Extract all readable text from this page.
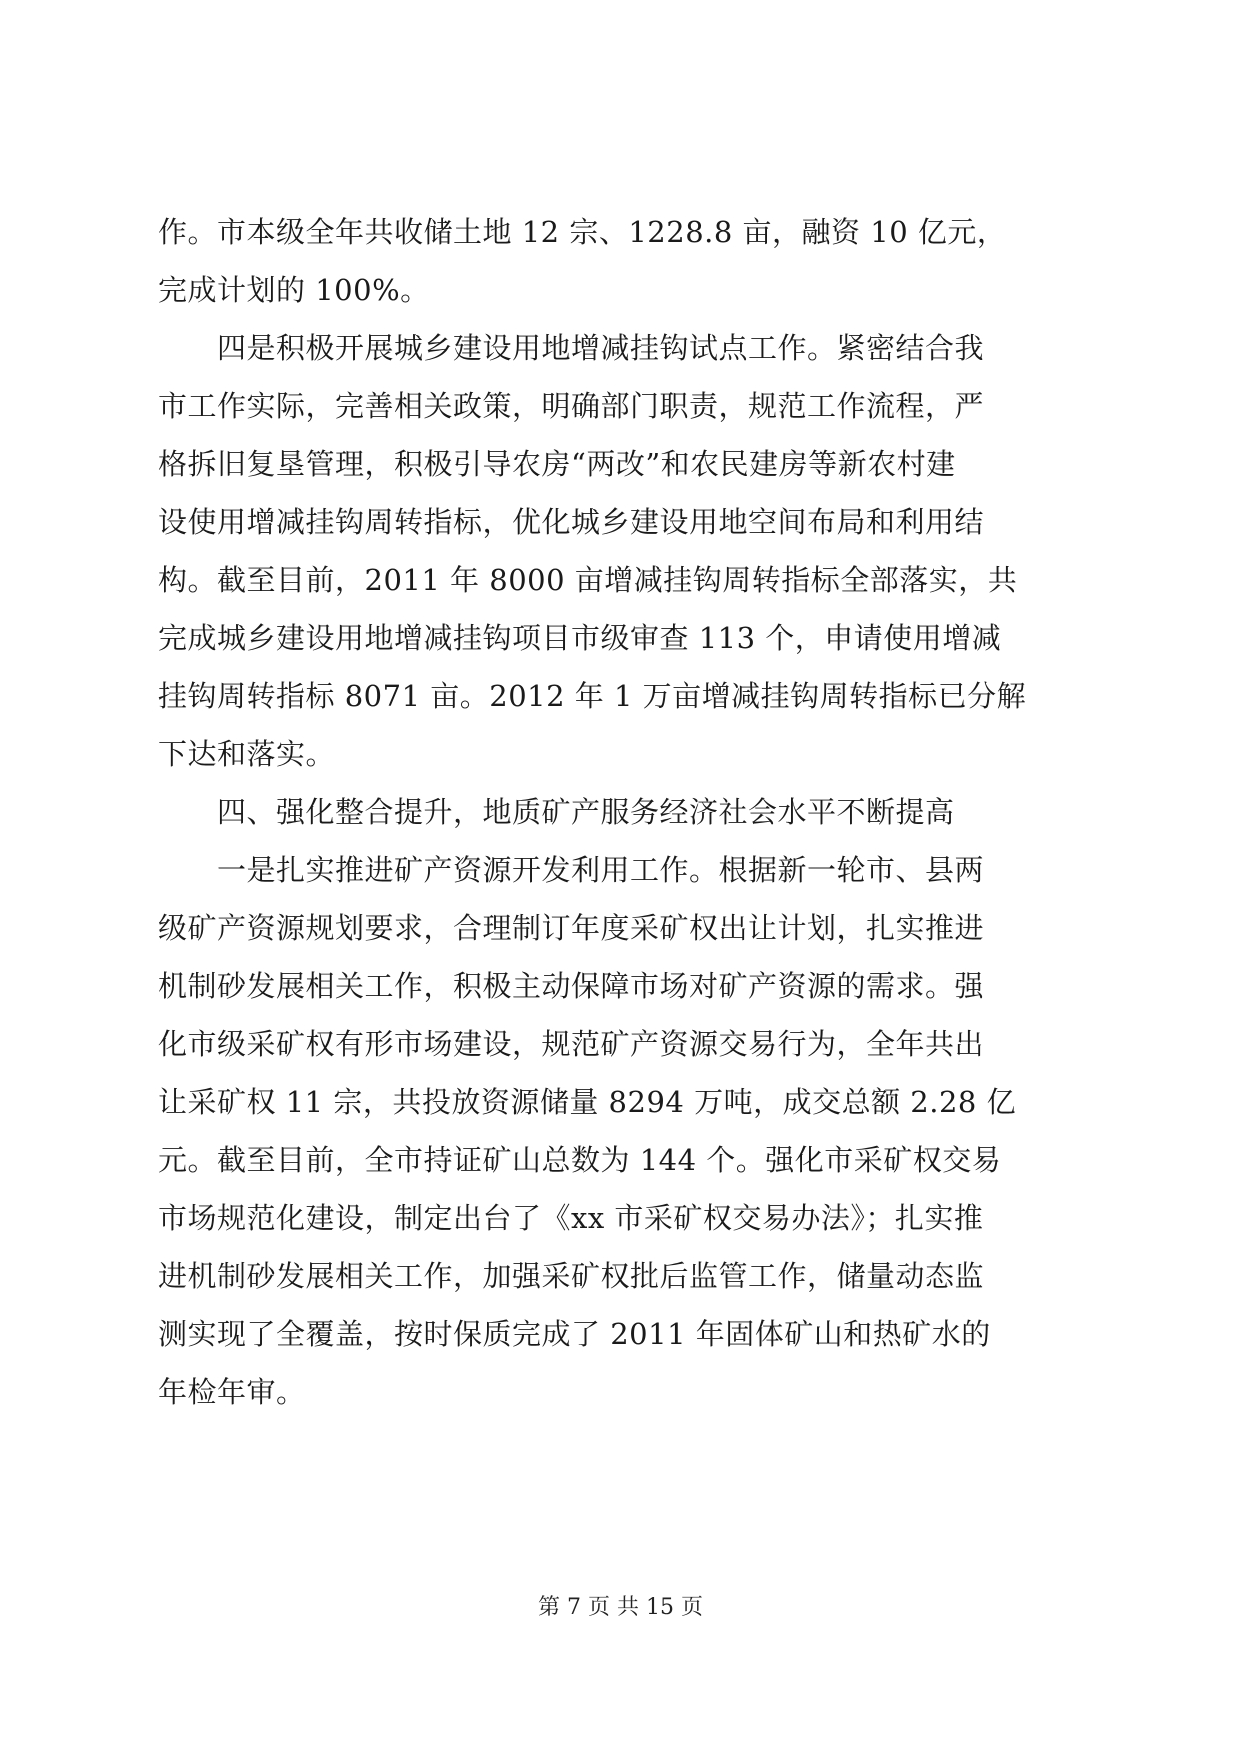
作。市本级全年共收储土地 12 宗、1228.8 亩，融资 10 亿元，
完成计划的 100%。
　　四是积极开展城乡建设用地增减挂钩试点工作。紧密结合我
市工作实际，完善相关政策，明确部门职责，规范工作流程，严
格拆旧复垦管理，积极引导农房“两改”和农民建房等新农村建
设使用增减挂钩周转指标，优化城乡建设用地空间布局和利用结
构。截至目前，2011 年 8000 亩增减挂钩周转指标全部落实，共
完成城乡建设用地增减挂钩项目市级审查 113 个，申请使用增减
挂钩周转指标 8071 亩。2012 年 1 万亩增减挂钩周转指标已分解
下达和落实。
　　四、强化整合提升，地质矿产服务经济社会水平不断提高
　　一是扎实推进矿产资源开发利用工作。根据新一轮市、县两
级矿产资源规划要求，合理制订年度采矿权出让计划，扎实推进
机制砂发展相关工作，积极主动保障市场对矿产资源的需求。强
化市级采矿权有形市场建设，规范矿产资源交易行为，全年共出
让采矿权 11 宗，共投放资源储量 8294 万吨，成交总额 2.28 亿
元。截至目前，全市持证矿山总数为 144 个。强化市采矿权交易
市场规范化建设，制定出台了《xx 市采矿权交易办法》；扎实推
进机制砂发展相关工作，加强采矿权批后监管工作，储量动态监
测实现了全覆盖，按时保质完成了 2011 年固体矿山和热矿水的
年检年审。
第 7 页 共 15 页
